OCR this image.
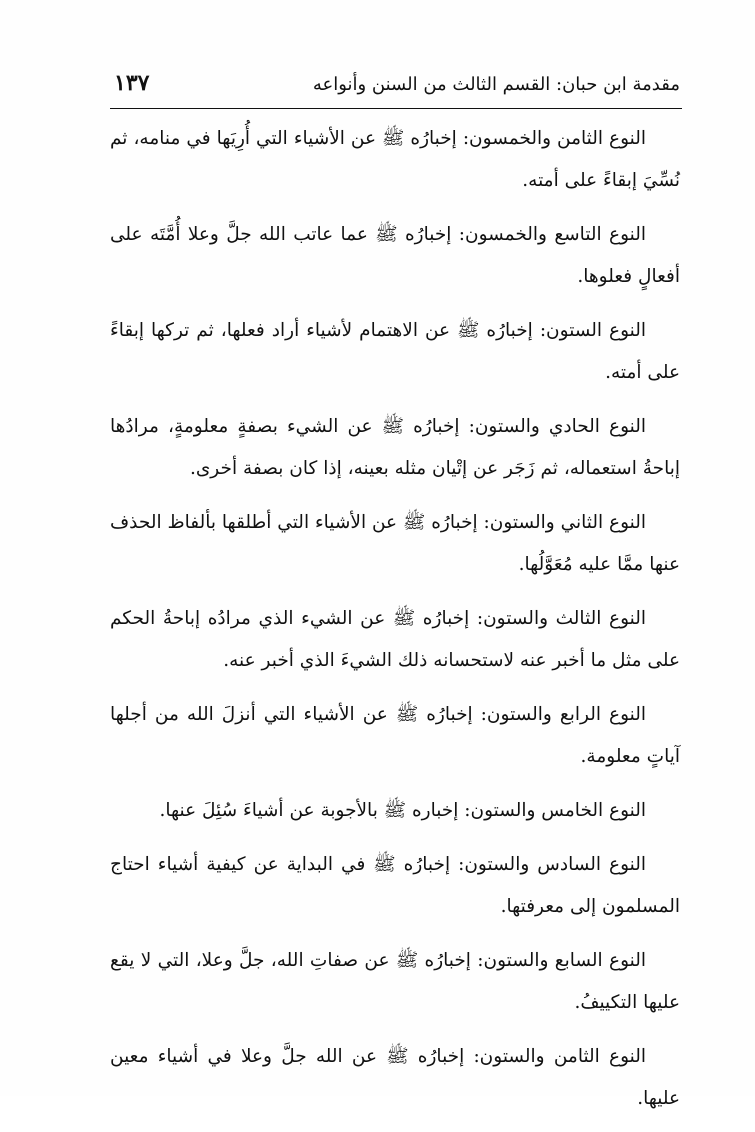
١٣٧	مقدمة ابن حبان: القسم الثالث من السنن وأنواعه

النوع الثامن والخمسون: إخبارُه ﷺ عن الأشياء التي أُرِيَها في منامه، ثم نُسِّيَ إبقاءً على أمته.

النوع التاسع والخمسون: إخبارُه ﷺ عما عاتب الله جلَّ وعلا أُمَّتَه على أفعالٍ فعلوها.

النوع الستون: إخبارُه ﷺ عن الاهتمام لأشياء أراد فعلها، ثم تركها إبقاءً على أمته.

النوع الحادي والستون: إخبارُه ﷺ عن الشيء بصفةٍ معلومةٍ، مرادُها إباحةُ استعماله، ثم زَجَر عن إتْيان مثله بعينه، إذا كان بصفة أخرى.

النوع الثاني والستون: إخبارُه ﷺ عن الأشياء التي أطلقها بألفاظ الحذف عنها ممَّا عليه مُعَوَّلُها.

النوع الثالث والستون: إخبارُه ﷺ عن الشيء الذي مرادُه إباحةُ الحكم على مثل ما أخبر عنه لاستحسانه ذلك الشيءَ الذي أخبر عنه.

النوع الرابع والستون: إخبارُه ﷺ عن الأشياء التي أنزلَ الله من أجلها آياتٍ معلومة.

النوع الخامس والستون: إخباره ﷺ بالأجوبة عن أشياءَ سُئِلَ عنها.

النوع السادس والستون: إخبارُه ﷺ في البداية عن كيفية أشياء احتاج المسلمون إلى معرفتها.

النوع السابع والستون: إخبارُه ﷺ عن صفاتِ الله، جلَّ وعلا، التي لا يقع عليها التكييفُ.

النوع الثامن والستون: إخبارُه ﷺ عن الله جلَّ وعلا في أشياء معين عليها.
